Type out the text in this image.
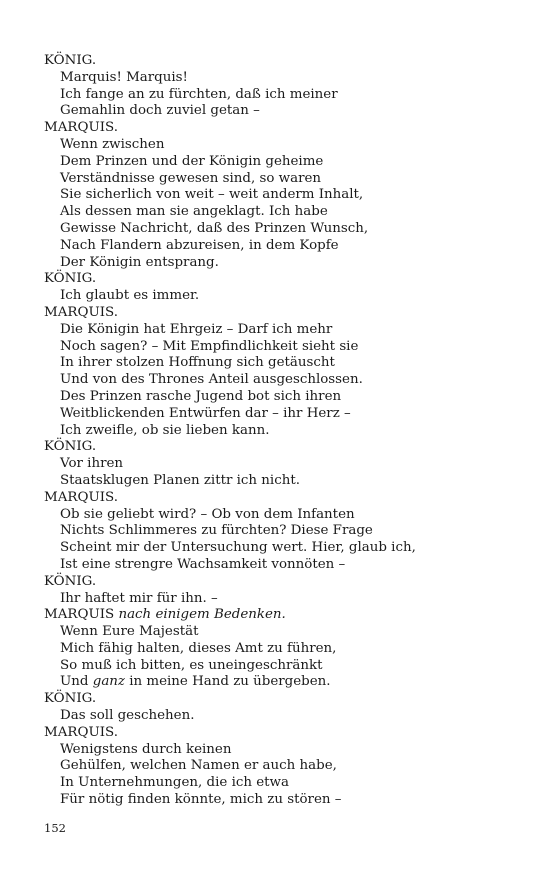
KÖNIG.
Marquis! Marquis!
Ich fange an zu fürchten, daß ich meiner
Gemahlin doch zuviel getan –
MARQUIS.
Wenn zwischen
Dem Prinzen und der Königin geheime
Verständnisse gewesen sind, so waren
Sie sicherlich von weit – weit anderm Inhalt,
Als dessen man sie angeklagt. Ich habe
Gewisse Nachricht, daß des Prinzen Wunsch,
Nach Flandern abzureisen, in dem Kopfe
Der Königin entsprang.
KÖNIG.
Ich glaubt es immer.
MARQUIS.
Die Königin hat Ehrgeiz – Darf ich mehr
Noch sagen? – Mit Empfindlichkeit sieht sie
In ihrer stolzen Hoffnung sich getäuscht
Und von des Thrones Anteil ausgeschlossen.
Des Prinzen rasche Jugend bot sich ihren
Weitblickenden Entwürfen dar – ihr Herz –
Ich zweifle, ob sie lieben kann.
KÖNIG.
Vor ihren
Staatsklugen Planen zittr ich nicht.
MARQUIS.
Ob sie geliebt wird? – Ob von dem Infanten
Nichts Schlimmeres zu fürchten? Diese Frage
Scheint mir der Untersuchung wert. Hier, glaub ich,
Ist eine strengre Wachsamkeit vonnöten –
KÖNIG.
Ihr haftet mir für ihn. –
MARQUIS nach einigem Bedenken.
Wenn Eure Majestät
Mich fähig halten, dieses Amt zu führen,
So muß ich bitten, es uneingeschränkt
Und ganz in meine Hand zu übergeben.
KÖNIG.
Das soll geschehen.
MARQUIS.
Wenigstens durch keinen
Gehülfen, welchen Namen er auch habe,
In Unternehmungen, die ich etwa
Für nötig finden könnte, mich zu stören –
152
